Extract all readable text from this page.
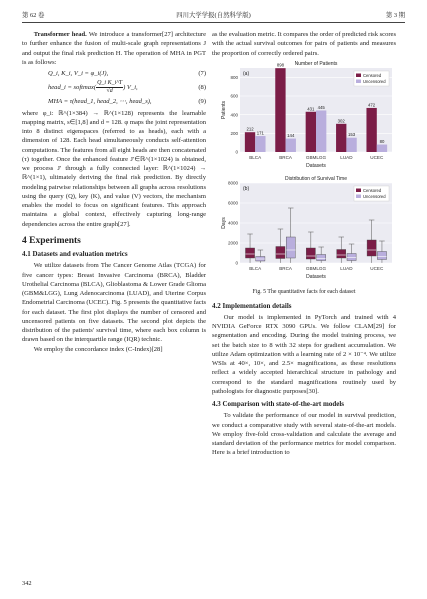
第 62 卷	四川大学学报(自然科学版)	第 3 期

Transformer head. We introduce a transformer[27] architecture to further enhance the fusion of multi-scale graph representations J and output the final risk prediction H. The operation of MHA in PGT is as follows:

Q_i, K_i, V_i = φ_i(J),	(7)
head_i = softmax( $\frac{\text{Q\_i K\_i\textasciicircum{}T}}{√d}$ ) V_i,	(8)
MHA = τ(head_1, head_2, ⋯, head_s),	(9)

where φ_i: ℝ^(1×384) → ℝ^(1×128) represents the learnable mapping matrix, s∈[1,8] and d = 128. φ maps the joint representation into 8 distinct eigenspaces (referred to as heads), each with a dimension of 128. Each head simultaneously conducts self-attention computations. The features from all eight heads are then concatenated (τ) together. Once the enhanced feature J′∈ℝ^(1×1024) is obtained, we process J′ through a fully connected layer: ℝ^(1×1024) → ℝ^(1×1), ultimately deriving the final risk prediction. By directly modeling pairwise relationships between all graphs across resolutions using the query (Q), key (K), and value (V) vectors, the mechanism enables the model to focus on significant features. This approach maintains a global context, effectively capturing long-range dependencies across the entire graph[27].

4 Experiments
4.1 Datasets and evaluation metrics

We utilize datasets from The Cancer Genome Atlas (TCGA) for five cancer types: Breast Invasive Carcinoma (BRCA), Bladder Urothelial Carcinoma (BLCA), Glioblastoma & Lower Grade Glioma (GBM&LGG), Lung Adenocarcinoma (LUAD), and Uterine Corpus Endometrial Carcinoma (UCEC). Fig. 5 presents the quantitative facts for each dataset. The first plot displays the number of censored and uncensored patients on five datasets. The second plot depicts the distribution of the patients' survival time, where each box column is drawn based on the interquartile range (IQR) technic.

We employ the concordance index (C-Index)[28]

as the evaluation metric. It compares the order of predicted risk scores with the actual survival outcomes for pairs of patients and measures the proportion of correctly ordered pairs.

0
200
400
600
800
Number of Patients
(a)
Datasets
Patients
BLCA	BRCA	GBMLGG	LUAD	UCEC
Censored
Uncensored
212
171
898
144
431 445
302
153
472
80

0
2000
4000
6000
8000
Distribution of Survival Time
(b)
Datasets
Days
BLCA	BRCA	GBMLGG	LUAD	UCEC
Censored
Uncensored
Fig. 5 The quantitative facts for each dataset
4.2 Implementation details

Our model is implemented in PyTorch and trained with 4 NVIDIA GeForce RTX 3090 GPUs. We follow CLAM[29] for segmentation and encoding. During the model training process, we set the batch size to 8 with 32 steps for gradient accumulation. We utilize Adam optimization with a learning rate of 2 × 10⁻⁴. We utilize WSIs at 40×, 10×, and 2.5× magnifications, as these resolutions reflect a widely accepted hierarchical structure in pathology and correspond to the standard magnifications routinely used by pathologists for diagnostic purposes[30].

4.3 Comparison with state-of-the-art models

To validate the performance of our model in survival prediction, we conduct a comparative study with several state-of-the-art models. We employ five-fold cross-validation and calculate the average and standard deviation of the performance metrics for model comparison. Here is a brief introduction to

342
